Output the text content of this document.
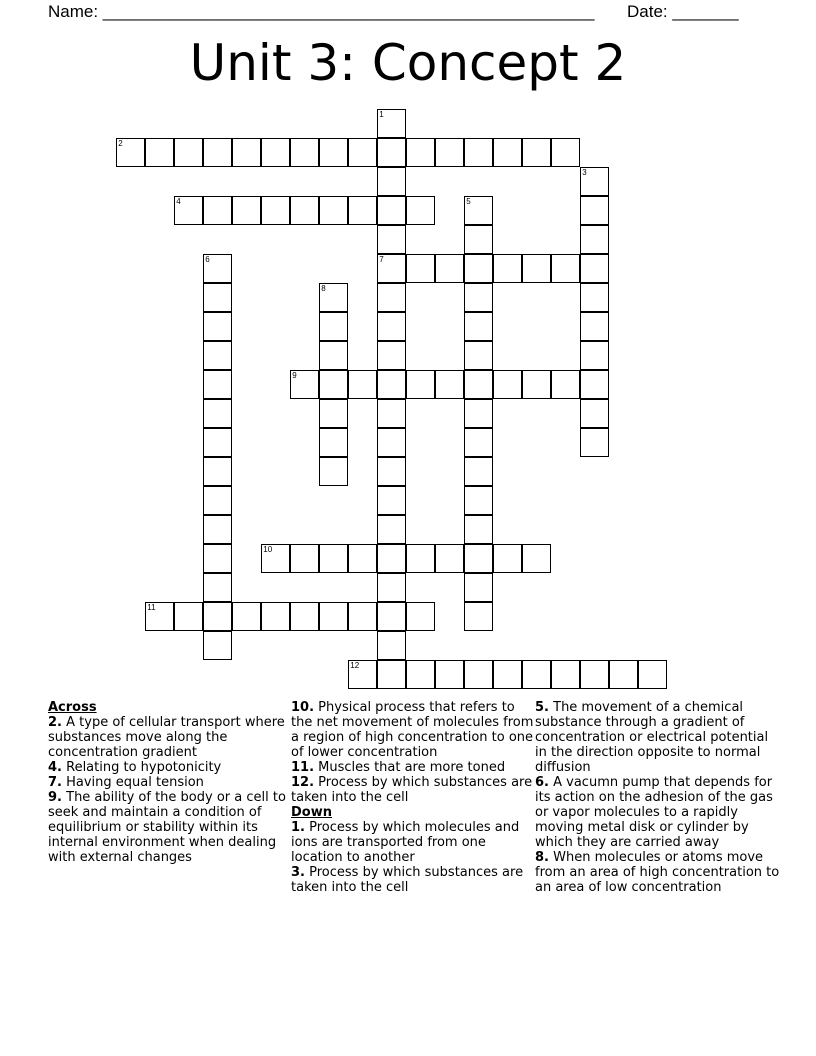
Name: ____________________________________________________ Date: _______
Unit 3: Concept 2
1
7
2
3
4	5
6
8
9
10
11
12
Across
2. A type of cellular transport where substances move along the concentration gradient
4. Relating to hypotonicity
7. Having equal tension
9. The ability of the body or a cell to seek and maintain a condition of equilibrium or stability within its internal environment when dealing with external changes
10. Physical process that refers to the net movement of molecules from a region of high concentration to one of lower concentration
11. Muscles that are more toned
12. Process by which substances are taken into the cell
Down
1. Process by which molecules and ions are transported from one location to another
3. Process by which substances are taken into the cell
5. The movement of a chemical substance through a gradient of concentration or electrical potential in the direction opposite to normal diffusion
6. A vacumn pump that depends for its action on the adhesion of the gas or vapor molecules to a rapidly moving metal disk or cylinder by which they are carried away
8. When molecules or atoms move from an area of high concentration to an area of low concentration
